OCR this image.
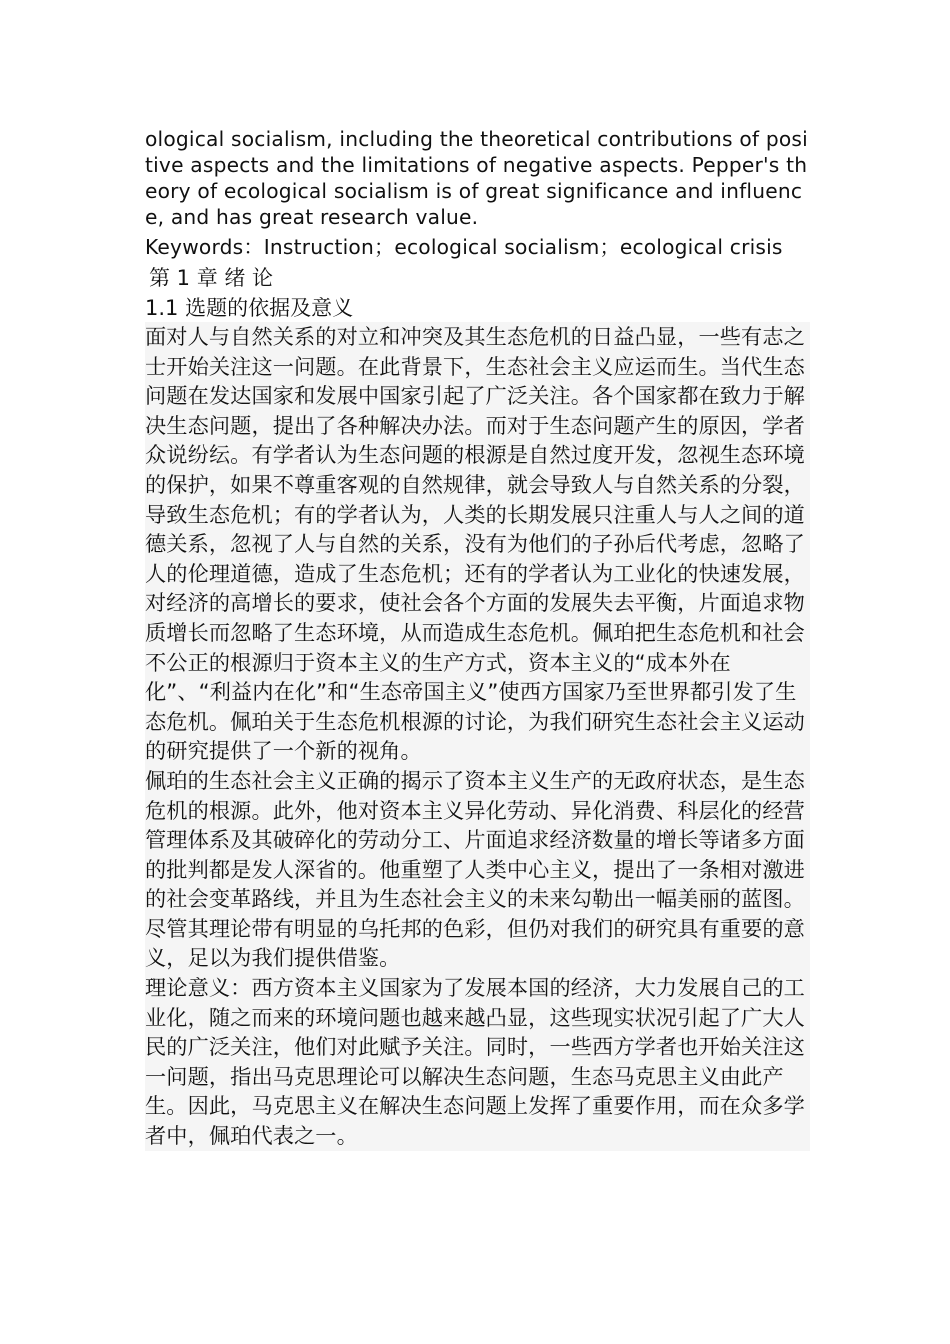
ological socialism, including the theoretical contributions of positive aspects and the limitations of negative aspects. Pepper's theory of ecological socialism is of great significance and influence, and has great research value.
Keywords：Instruction；ecological socialism；ecological crisis
第 1 章 绪 论
1.1 选题的依据及意义
面对人与自然关系的对立和冲突及其生态危机的日益凸显，一些有志之士开始关注这一问题。在此背景下，生态社会主义应运而生。当代生态问题在发达国家和发展中国家引起了广泛关注。各个国家都在致力于解决生态问题，提出了各种解决办法。而对于生态问题产生的原因，学者众说纷纭。有学者认为生态问题的根源是自然过度开发，忽视生态环境的保护，如果不尊重客观的自然规律，就会导致人与自然关系的分裂，导致生态危机；有的学者认为，人类的长期发展只注重人与人之间的道德关系，忽视了人与自然的关系，没有为他们的子孙后代考虑，忽略了人的伦理道德，造成了生态危机；还有的学者认为工业化的快速发展，对经济的高增长的要求，使社会各个方面的发展失去平衡，片面追求物质增长而忽略了生态环境，从而造成生态危机。佩珀把生态危机和社会不公正的根源归于资本主义的生产方式，资本主义的“成本外在化”、“利益内在化”和“生态帝国主义”使西方国家乃至世界都引发了生态危机。佩珀关于生态危机根源的讨论，为我们研究生态社会主义运动的研究提供了一个新的视角。
佩珀的生态社会主义正确的揭示了资本主义生产的无政府状态，是生态危机的根源。此外，他对资本主义异化劳动、异化消费、科层化的经营管理体系及其破碎化的劳动分工、片面追求经济数量的增长等诸多方面的批判都是发人深省的。他重塑了人类中心主义，提出了一条相对激进的社会变革路线，并且为生态社会主义的未来勾勒出一幅美丽的蓝图。尽管其理论带有明显的乌托邦的色彩，但仍对我们的研究具有重要的意义，足以为我们提供借鉴。
理论意义：西方资本主义国家为了发展本国的经济，大力发展自己的工业化，随之而来的环境问题也越来越凸显，这些现实状况引起了广大人民的广泛关注，他们对此赋予关注。同时，一些西方学者也开始关注这一问题，指出马克思理论可以解决生态问题，生态马克思主义由此产生。因此，马克思主义在解决生态问题上发挥了重要作用，而在众多学者中，佩珀代表之一。
